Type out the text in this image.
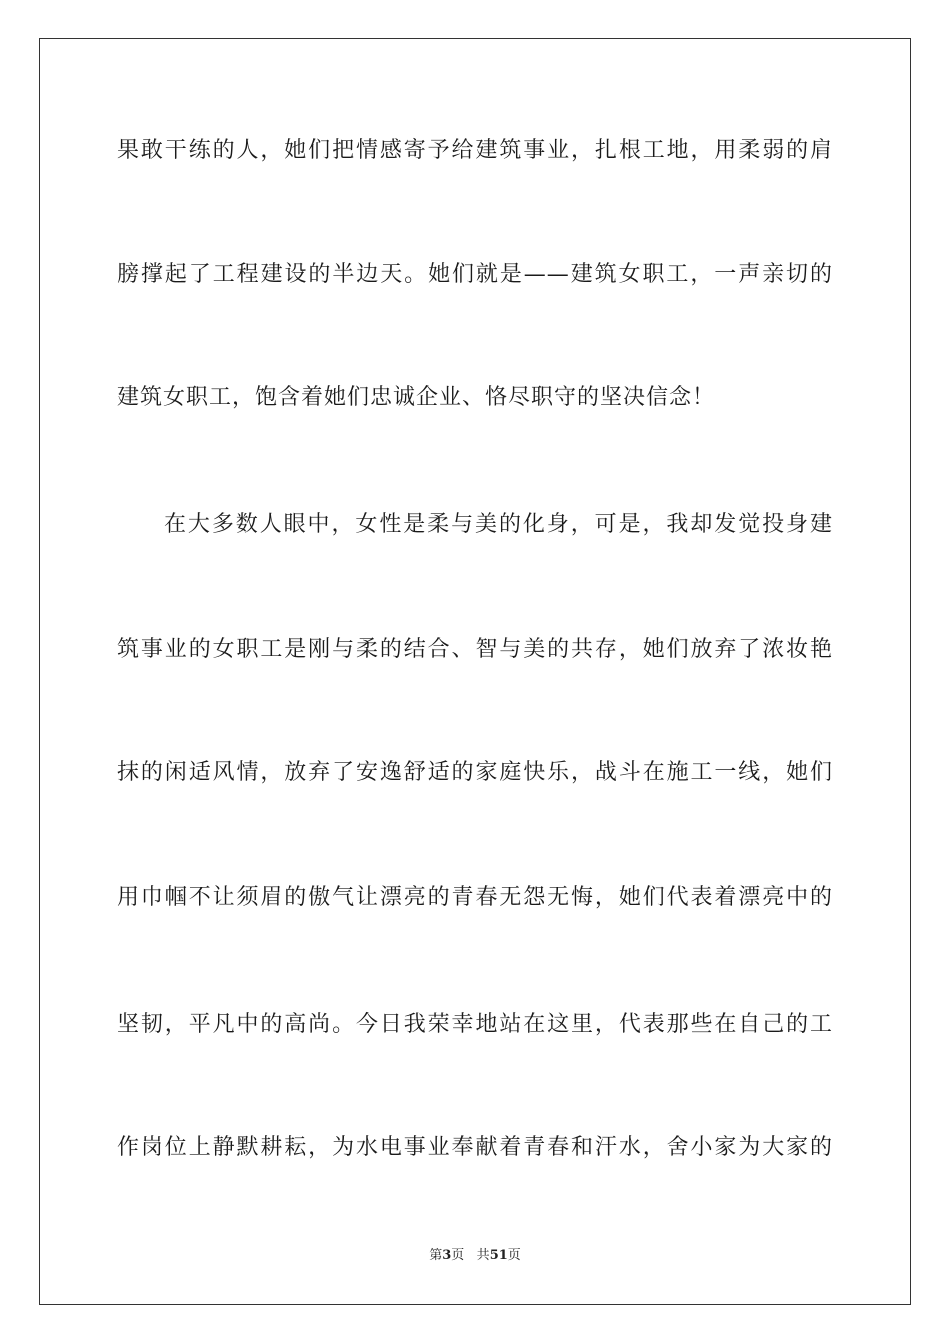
果敢干练的人，她们把情感寄予给建筑事业，扎根工地，用柔弱的肩
膀撑起了工程建设的半边天。她们就是——建筑女职工，一声亲切的
建筑女职工，饱含着她们忠诚企业、恪尽职守的坚决信念！
在大多数人眼中，女性是柔与美的化身，可是，我却发觉投身建
筑事业的女职工是刚与柔的结合、智与美的共存，她们放弃了浓妆艳
抹的闲适风情，放弃了安逸舒适的家庭快乐，战斗在施工一线，她们
用巾帼不让须眉的傲气让漂亮的青春无怨无悔，她们代表着漂亮中的
坚韧，平凡中的高尚。今日我荣幸地站在这里，代表那些在自己的工
作岗位上静默耕耘，为水电事业奉献着青春和汗水，舍小家为大家的
第3页 共51页
